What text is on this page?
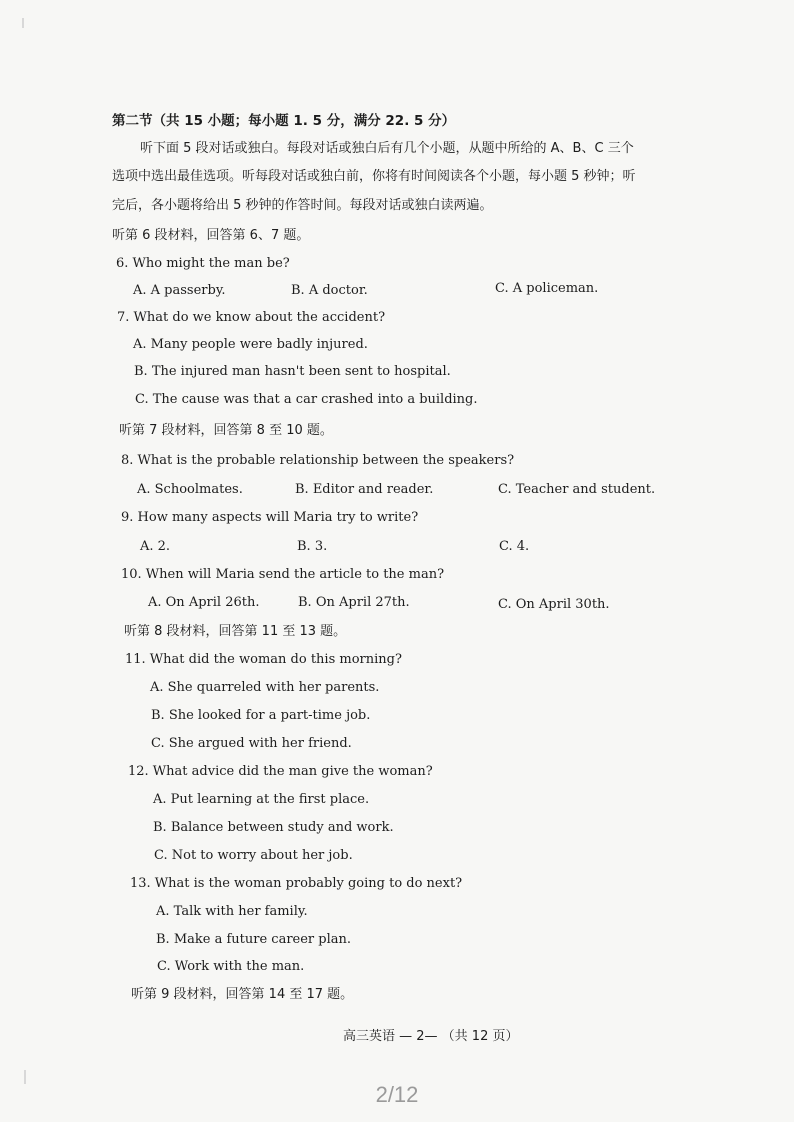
第二节（共 15 小题；每小题 1. 5 分，满分 22. 5 分）
听下面 5 段对话或独白。每段对话或独白后有几个小题，从题中所给的 A、B、C 三个
选项中选出最佳选项。听每段对话或独白前，你将有时间阅读各个小题，每小题 5 秒钟；听
完后，各小题将给出 5 秒钟的作答时间。每段对话或独白读两遍。
听第 6 段材料，回答第 6、7 题。
6. Who might the man be?
A. A passerby.	B. A doctor.	C. A policeman.
7. What do we know about the accident?
A. Many people were badly injured.
B. The injured man hasn't been sent to hospital.
C. The cause was that a car crashed into a building.
听第 7 段材料，回答第 8 至 10 题。
8. What is the probable relationship between the speakers?
A. Schoolmates.	B. Editor and reader.	C. Teacher and student.
9. How many aspects will Maria try to write?
A. 2.	B. 3.	C. 4.
10. When will Maria send the article to the man?
A. On April 26th.	B. On April 27th.	C. On April 30th.
听第 8 段材料，回答第 11 至 13 题。
11. What did the woman do this morning?
A. She quarreled with her parents.
B. She looked for a part-time job.
C. She argued with her friend.
12. What advice did the man give the woman?
A. Put learning at the first place.
B. Balance between study and work.
C. Not to worry about her job.
13. What is the woman probably going to do next?
A. Talk with her family.
B. Make a future career plan.
C. Work with the man.
听第 9 段材料，回答第 14 至 17 题。
高三英语 — 2— （共 12 页）
2/12
